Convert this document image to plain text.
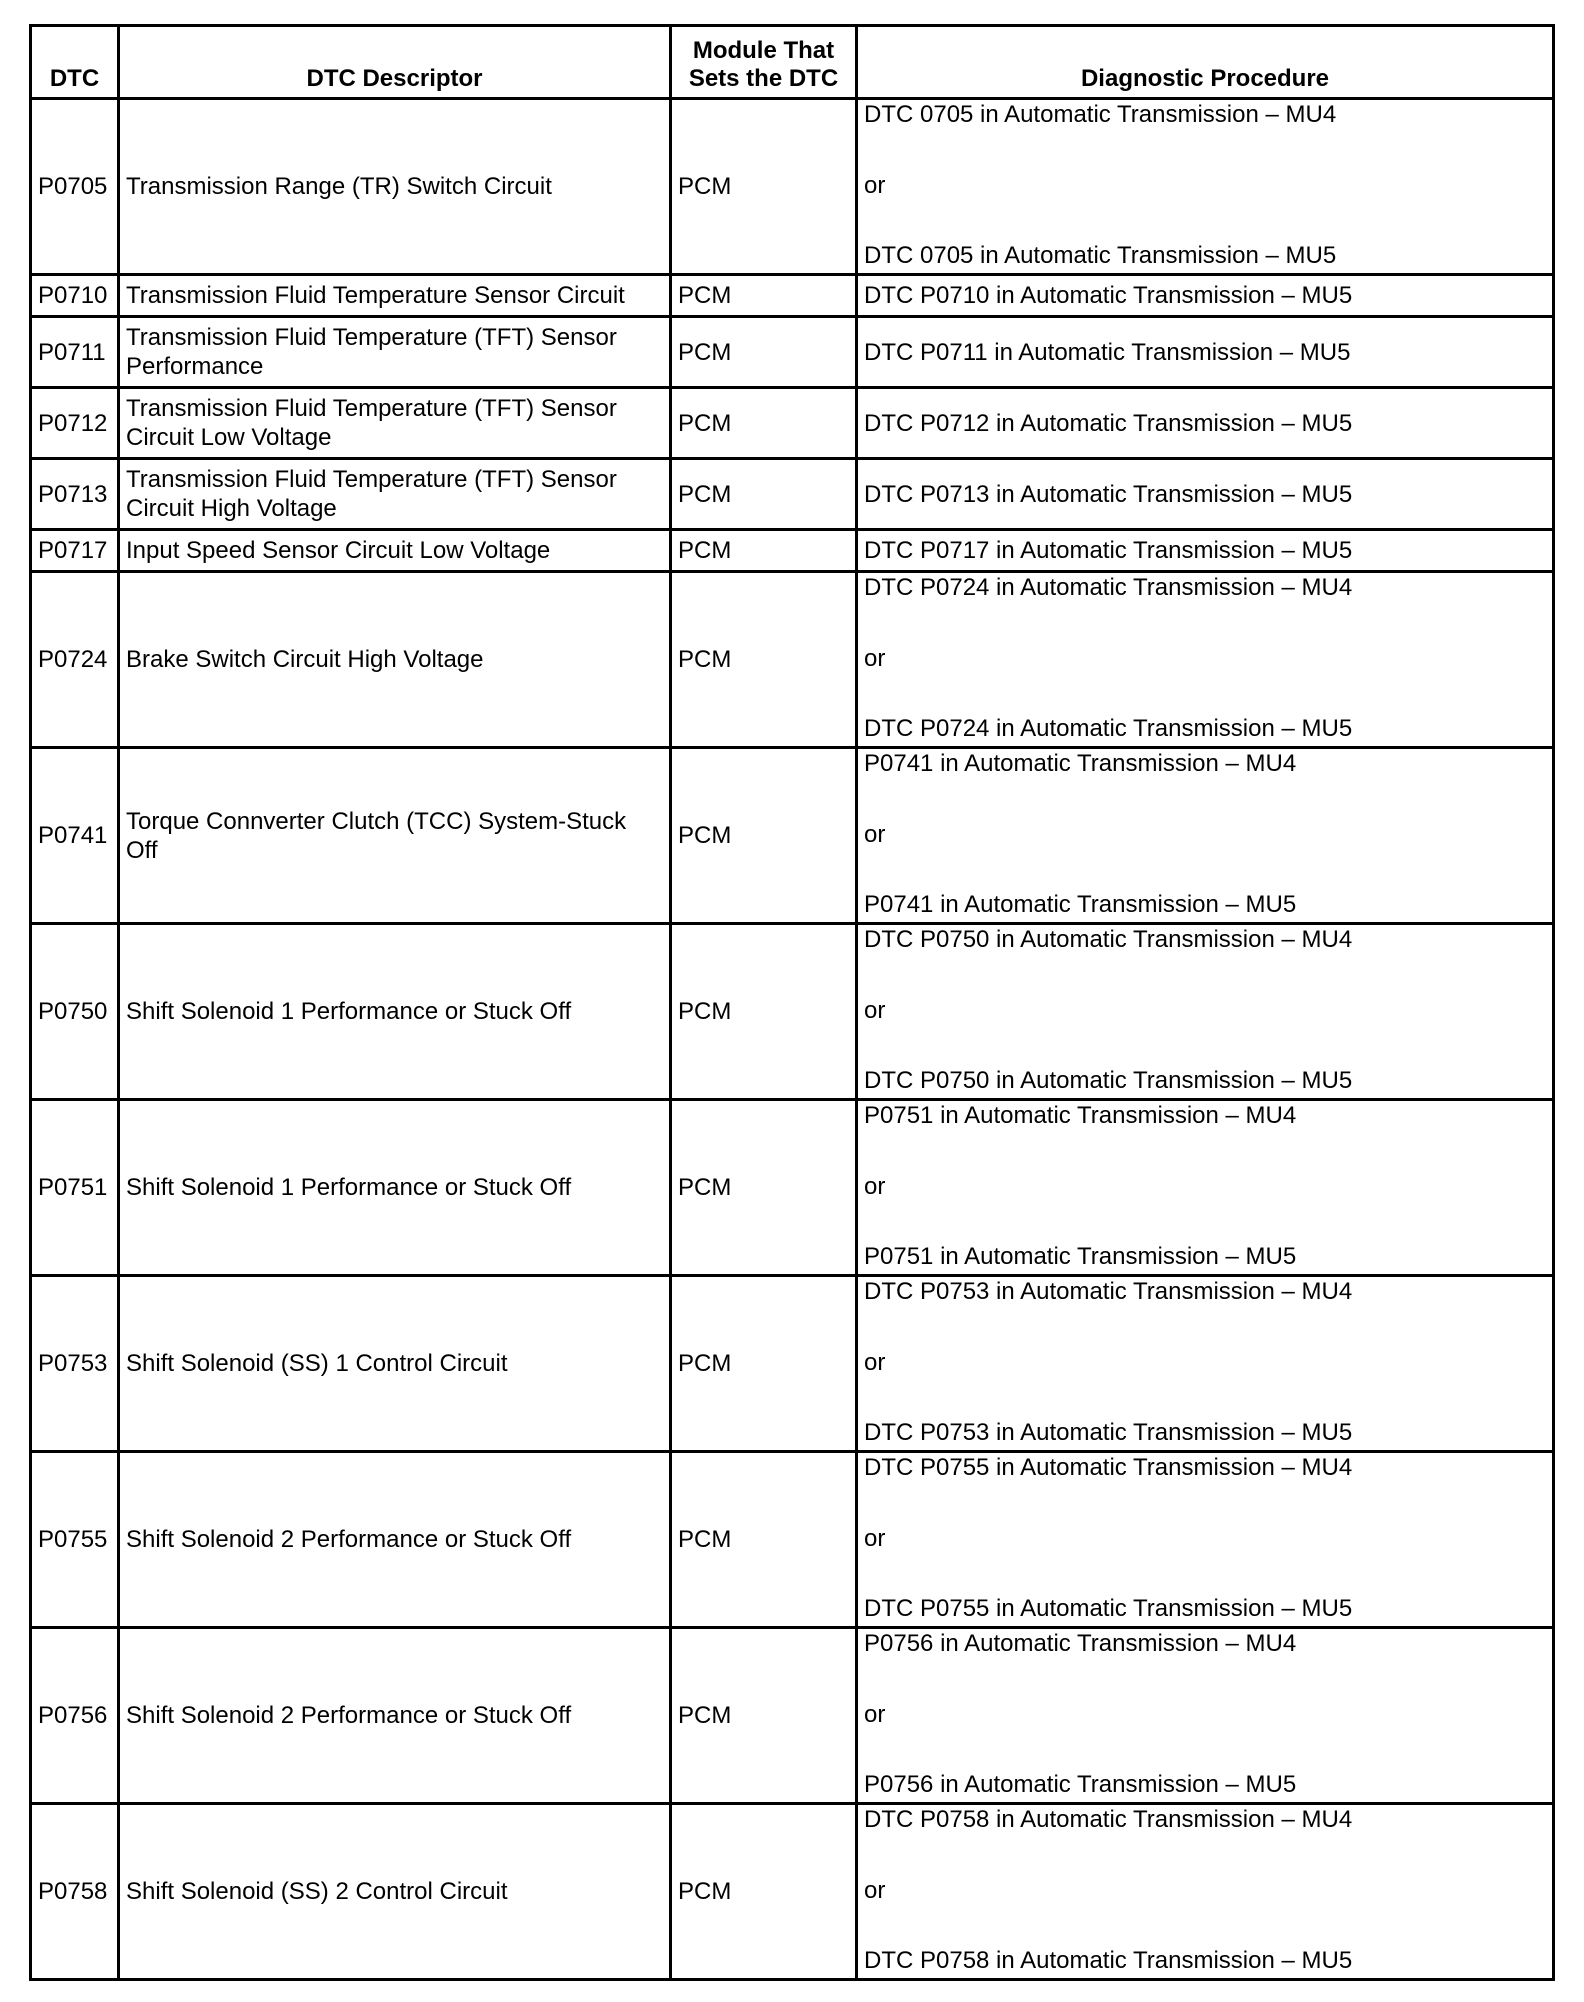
DTC	DTC Descriptor	Module That Sets the DTC	Diagnostic Procedure
P0705	Transmission Range (TR) Switch Circuit	PCM	DTC 0705 in Automatic Transmission – MU4
or
DTC 0705 in Automatic Transmission – MU5

P0710	Transmission Fluid Temperature Sensor Circuit	PCM	DTC P0710 in Automatic Transmission – MU5
P0711	Transmission Fluid Temperature (TFT) Sensor Performance	PCM	DTC P0711 in Automatic Transmission – MU5
P0712	Transmission Fluid Temperature (TFT) Sensor Circuit Low Voltage	PCM	DTC P0712 in Automatic Transmission – MU5
P0713	Transmission Fluid Temperature (TFT) Sensor Circuit High Voltage	PCM	DTC P0713 in Automatic Transmission – MU5
P0717	Input Speed Sensor Circuit Low Voltage	PCM	DTC P0717 in Automatic Transmission – MU5
P0724	Brake Switch Circuit High Voltage	PCM	DTC P0724 in Automatic Transmission – MU4
or
DTC P0724 in Automatic Transmission – MU5

P0741	Torque Connverter Clutch (TCC) System-Stuck Off	PCM	P0741 in Automatic Transmission – MU4
or
P0741 in Automatic Transmission – MU5

P0750	Shift Solenoid 1 Performance or Stuck Off	PCM	DTC P0750 in Automatic Transmission – MU4
or
DTC P0750 in Automatic Transmission – MU5

P0751	Shift Solenoid 1 Performance or Stuck Off	PCM	P0751 in Automatic Transmission – MU4
or
P0751 in Automatic Transmission – MU5

P0753	Shift Solenoid (SS) 1 Control Circuit	PCM	DTC P0753 in Automatic Transmission – MU4
or
DTC P0753 in Automatic Transmission – MU5

P0755	Shift Solenoid 2 Performance or Stuck Off	PCM	DTC P0755 in Automatic Transmission – MU4
or
DTC P0755 in Automatic Transmission – MU5

P0756	Shift Solenoid 2 Performance or Stuck Off	PCM	P0756 in Automatic Transmission – MU4
or
P0756 in Automatic Transmission – MU5

P0758	Shift Solenoid (SS) 2 Control Circuit	PCM	DTC P0758 in Automatic Transmission – MU4
or
DTC P0758 in Automatic Transmission – MU5
